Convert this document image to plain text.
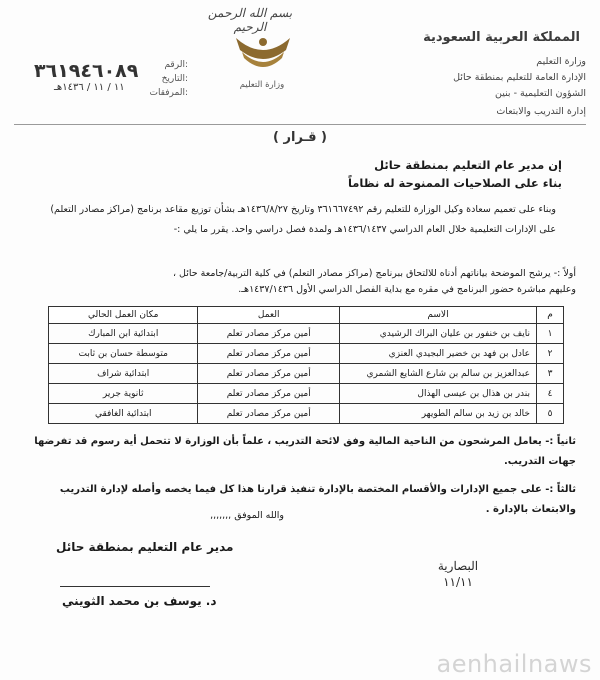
بسم الله الرحمن الرحيم
المملكة العربية السعودية
وزارة التعليم
الإدارة العامة للتعليم بمنطقة حائل
الشؤون التعليمية - بنين
إدارة التدريب والابتعاث
وزارة التعليم
٣٦١٩٤٦٠٨٩
١١ / ١١ / ١٤٣٦هـ
الرقم:
التاريخ:
المرفقات:
( قـرار )
إن مدير عام التعليم بمنطقة حائل
بناء على الصلاحيات الممنوحة له نظاماً
وبناء على تعميم سعادة وكيل الوزارة للتعليم رقم ٣٦١٦٦٧٤٩٢ وتاريخ ١٤٣٦/٨/٢٧هـ بشأن توزيع مقاعد برنامج (مراكز مصادر التعلم) على الإدارات التعليمية خلال العام الدراسي ١٤٣٦/١٤٣٧هـ ولمدة فصل دراسي واحد. يقرر ما يلي :-
أولاً :- يرشح الموضحة بياناتهم أدناه للالتحاق ببرنامج (مراكز مصادر التعلم) في كلية التربية/جامعة حائل ،
وعليهم مباشرة حضور البرنامج في مقره مع بداية الفصل الدراسي الأول ١٤٣٧/١٤٣٦هـ.
م	الاسم	العمل	مكان العمل الحالي
١	نايف بن خنفور بن عليان البراك الرشيدي	أمين مركز مصادر تعلم	ابتدائية ابن المبارك
٢	عادل بن فهد بن خضير البجيدي العنزي	أمين مركز مصادر تعلم	متوسطة حسان بن ثابت
٣	عبدالعزيز بن سالم بن شارع الشايع الشمري	أمين مركز مصادر تعلم	ابتدائية شراف
٤	بندر بن هذال بن عيسى الهذال	أمين مركز مصادر تعلم	ثانوية جرير
٥	خالد بن زيد بن سالم الطويهر	أمين مركز مصادر تعلم	ابتدائية الغافقي
ثانياً :- يعامل المرشحون من الناحية المالية وفق لائحة التدريب ، علماً بأن الوزارة لا تتحمل أية رسوم قد تفرضها جهات التدريب.
ثالثاً :- على جميع الإدارات والأقسام المختصة بالإدارة تنفيذ قرارنا هذا كل فيما يخصه وأصله لإدارة التدريب والابتعاث بالإدارة .
والله الموفق ,,,,,,,
مدير عام التعليم بمنطقة حائل
د. يوسف بن محمد الثويني
البصارية ١١/١١
aenhailnaws
